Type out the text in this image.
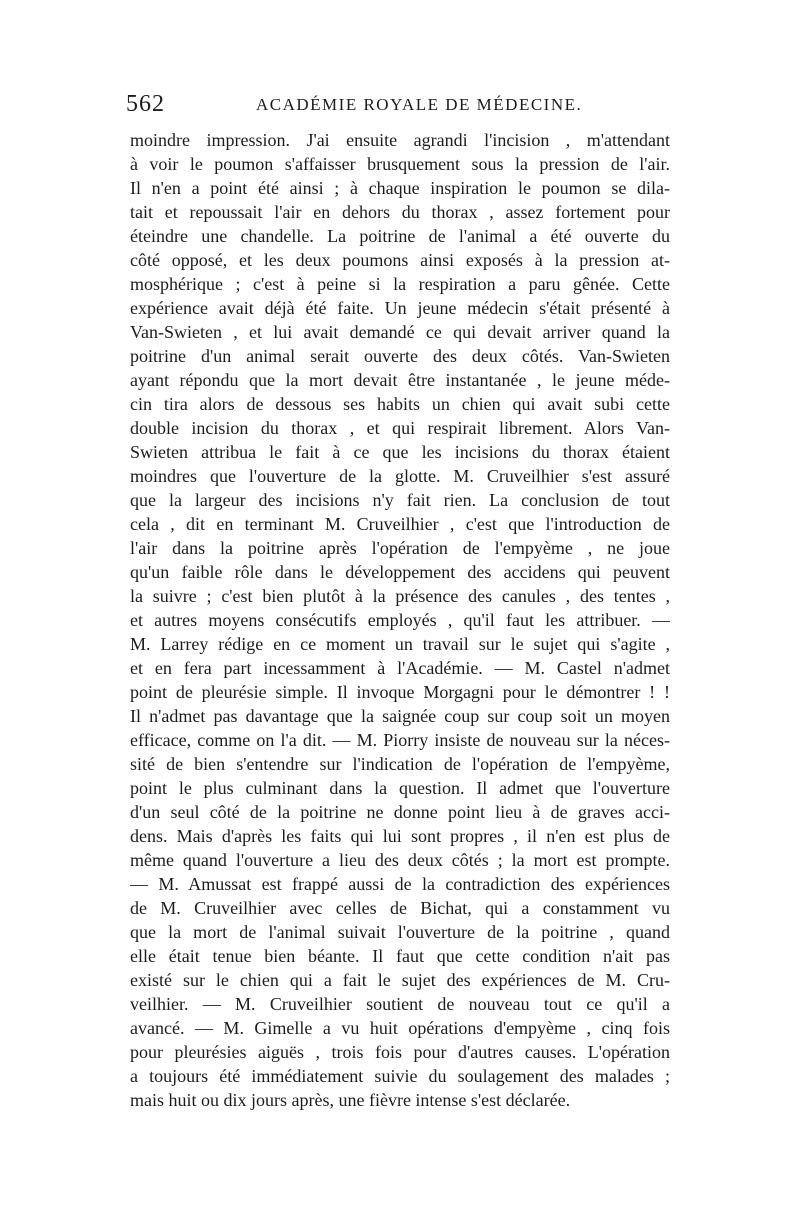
562	ACADÉMIE ROYALE DE MÉDECINE.
moindre impression. J'ai ensuite agrandi l'incision , m'attendant
à voir le poumon s'affaisser brusquement sous la pression de l'air.
Il n'en a point été ainsi ; à chaque inspiration le poumon se dila-
tait et repoussait l'air en dehors du thorax , assez fortement pour
éteindre une chandelle. La poitrine de l'animal a été ouverte du
côté opposé, et les deux poumons ainsi exposés à la pression at-
mosphérique ; c'est à peine si la respiration a paru gênée. Cette
expérience avait déjà été faite. Un jeune médecin s'était présenté à
Van-Swieten , et lui avait demandé ce qui devait arriver quand la
poitrine d'un animal serait ouverte des deux côtés. Van-Swieten
ayant répondu que la mort devait être instantanée , le jeune méde-
cin tira alors de dessous ses habits un chien qui avait subi cette
double incision du thorax , et qui respirait librement. Alors Van-
Swieten attribua le fait à ce que les incisions du thorax étaient
moindres que l'ouverture de la glotte. M. Cruveilhier s'est assuré
que la largeur des incisions n'y fait rien. La conclusion de tout
cela , dit en terminant M. Cruveilhier , c'est que l'introduction de
l'air dans la poitrine après l'opération de l'empyème , ne joue
qu'un faible rôle dans le développement des accidens qui peuvent
la suivre ; c'est bien plutôt à la présence des canules , des tentes ,
et autres moyens consécutifs employés , qu'il faut les attribuer. —
M. Larrey rédige en ce moment un travail sur le sujet qui s'agite ,
et en fera part incessamment à l'Académie. — M. Castel n'admet
point de pleurésie simple. Il invoque Morgagni pour le démontrer ! !
Il n'admet pas davantage que la saignée coup sur coup soit un moyen
efficace, comme on l'a dit. — M. Piorry insiste de nouveau sur la néces-
sité de bien s'entendre sur l'indication de l'opération de l'empyème,
point le plus culminant dans la question. Il admet que l'ouverture
d'un seul côté de la poitrine ne donne point lieu à de graves acci-
dens. Mais d'après les faits qui lui sont propres , il n'en est plus de
même quand l'ouverture a lieu des deux côtés ; la mort est prompte.
— M. Amussat est frappé aussi de la contradiction des expériences
de M. Cruveilhier avec celles de Bichat, qui a constamment vu
que la mort de l'animal suivait l'ouverture de la poitrine , quand
elle était tenue bien béante. Il faut que cette condition n'ait pas
existé sur le chien qui a fait le sujet des expériences de M. Cru-
veilhier. — M. Cruveilhier soutient de nouveau tout ce qu'il a
avancé. — M. Gimelle a vu huit opérations d'empyème , cinq fois
pour pleurésies aiguës , trois fois pour d'autres causes. L'opération
a toujours été immédiatement suivie du soulagement des malades ;
mais huit ou dix jours après, une fièvre intense s'est déclarée.
